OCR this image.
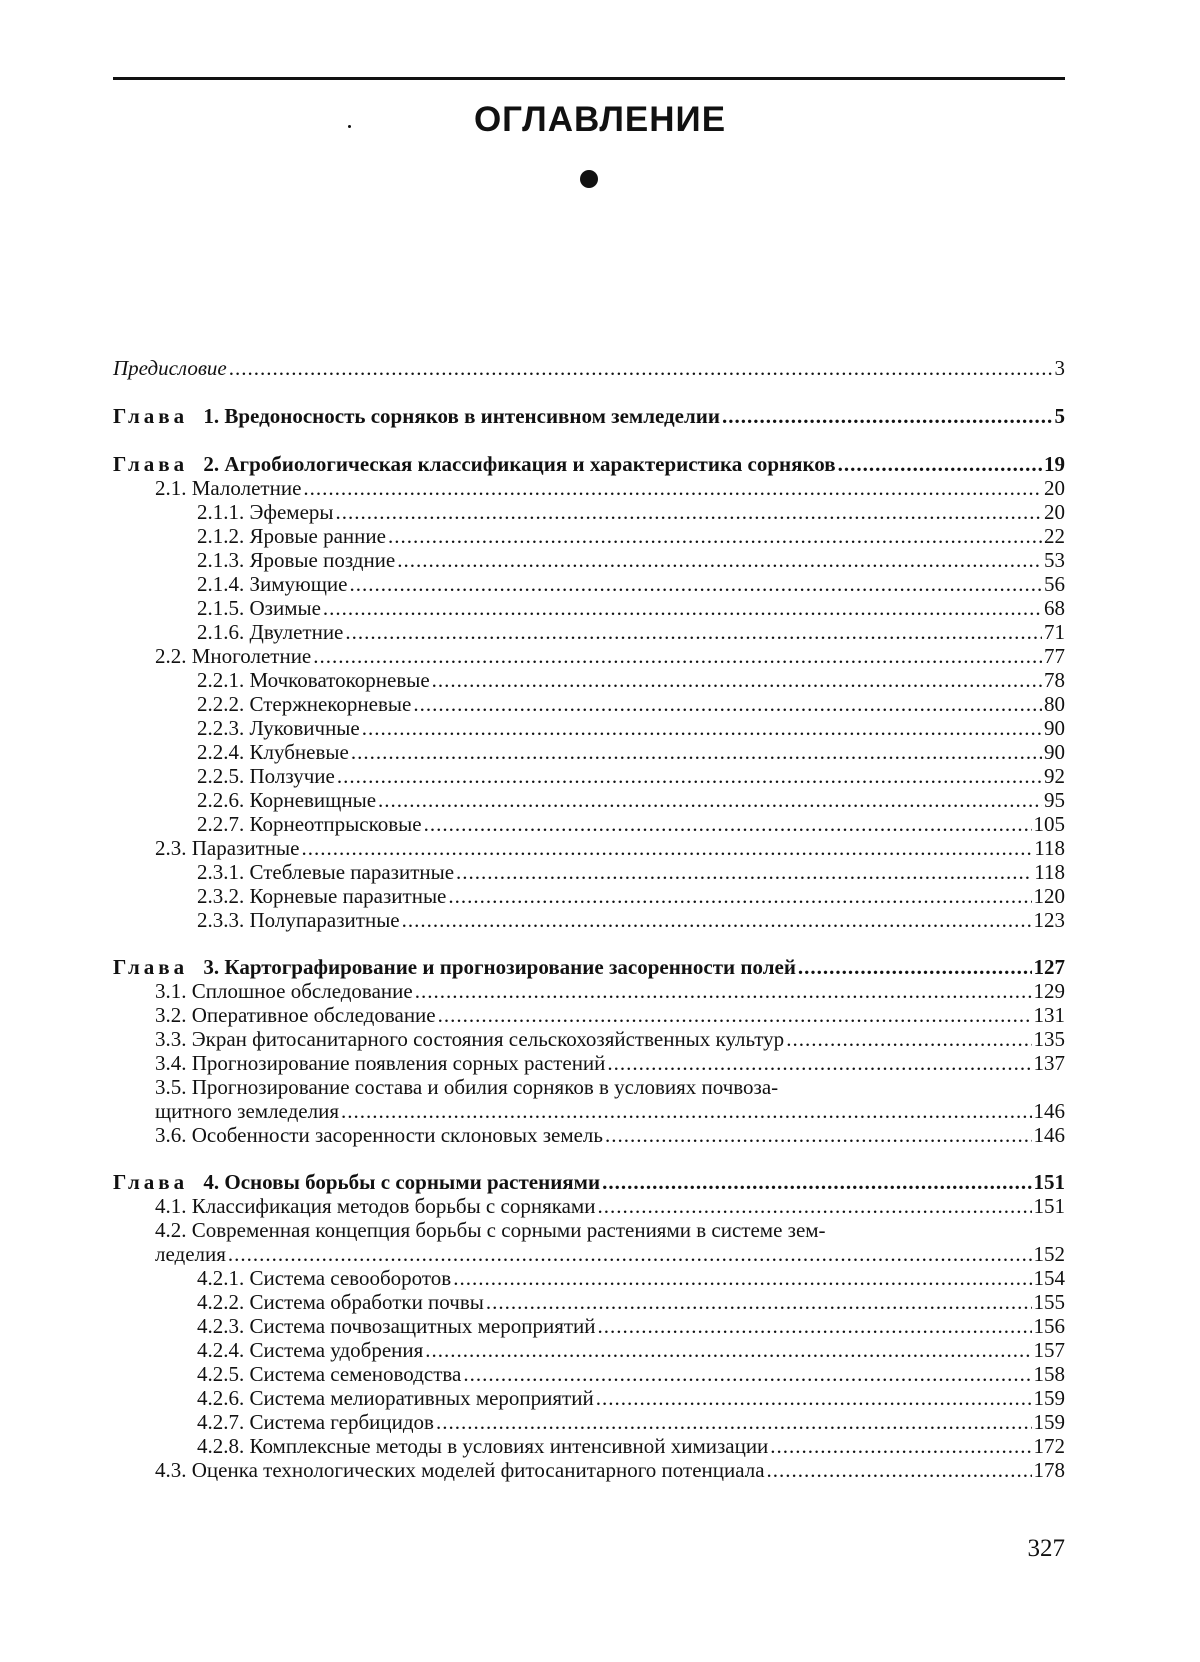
ОГЛАВЛЕНИЕ
Предисловие .....	3
Глава 1. Вредоносность сорняков в интенсивном земледелии .....	5
Глава 2. Агробиологическая классификация и характеристика сорняков .....	19
2.1. Малолетние .....	20
2.1.1. Эфемеры .....	20
2.1.2. Яровые ранние .....	22
2.1.3. Яровые поздние .....	53
2.1.4. Зимующие .....	56
2.1.5. Озимые .....	68
2.1.6. Двулетние .....	71
2.2. Многолетние .....	77
2.2.1. Мочковатокорневые .....	78
2.2.2. Стержнекорневые .....	80
2.2.3. Луковичные .....	90
2.2.4. Клубневые .....	90
2.2.5. Ползучие .....	92
2.2.6. Корневищные .....	95
2.2.7. Корнеотпрысковые .....	105
2.3. Паразитные .....	118
2.3.1. Стеблевые паразитные .....	118
2.3.2. Корневые паразитные .....	120
2.3.3. Полупаразитные .....	123
Глава 3. Картографирование и прогнозирование засоренности полей .....	127
3.1. Сплошное обследование .....	129
3.2. Оперативное обследование .....	131
3.3. Экран фитосанитарного состояния сельскохозяйственных культур .....	135
3.4. Прогнозирование появления сорных растений .....	137
3.5. Прогнозирование состава и обилия сорняков в условиях почвоза-
щитного земледелия .....	146
3.6. Особенности засоренности склоновых земель .....	146
Глава 4. Основы борьбы с сорными растениями .....	151
4.1. Классификация методов борьбы с сорняками .....	151
4.2. Современная концепция борьбы с сорными растениями в системе зем-
леделия .....	152
4.2.1. Система севооборотов .....	154
4.2.2. Система обработки почвы .....	155
4.2.3. Система почвозащитных мероприятий .....	156
4.2.4. Система удобрения .....	157
4.2.5. Система семеноводства .....	158
4.2.6. Система мелиоративных мероприятий .....	159
4.2.7. Система гербицидов .....	159
4.2.8. Комплексные методы в условиях интенсивной химизации .....	172
4.3. Оценка технологических моделей фитосанитарного потенциала .....	178
327
